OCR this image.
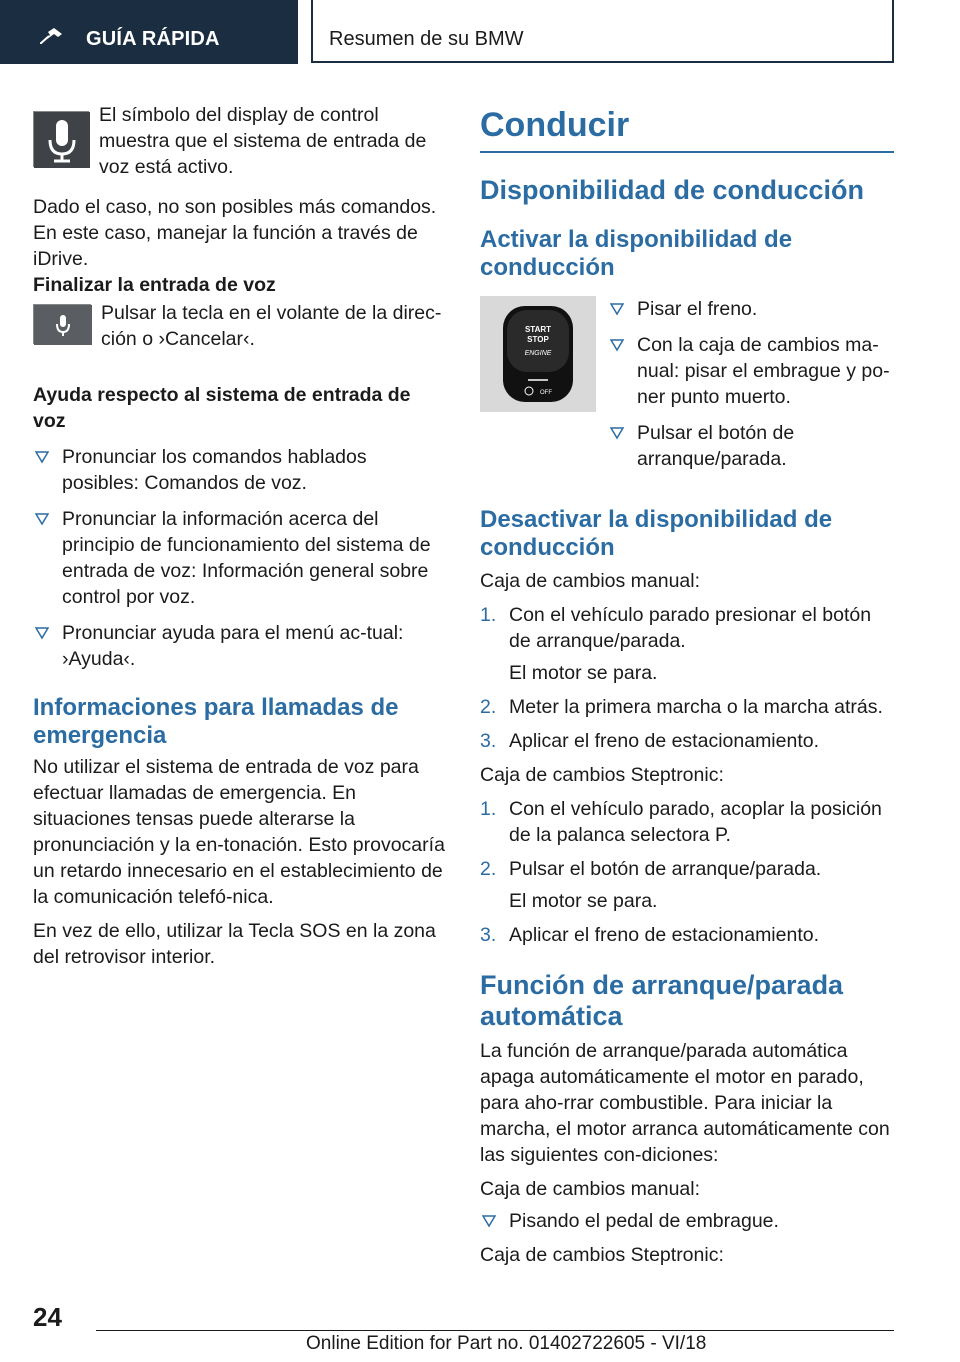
GUÍA RÁPIDA	Resumen de su BMW

El símbolo del display de control muestra que el sistema de entrada de voz está activo.

Dado el caso, no son posibles más comandos. En este caso, manejar la función a través de iDrive.

Finalizar la entrada de voz

Pulsar la tecla en el volante de la direc‐ción o ›Cancelar‹.

Ayuda respecto al sistema de entrada de voz
Pronunciar los comandos hablados posibles: Comandos de voz.
Pronunciar la información acerca del principio de funcionamiento del sistema de entrada de voz: Información general sobre control por voz.
Pronunciar ayuda para el menú ac‐tual: ›Ayuda‹.
Informaciones para llamadas de emergencia

No utilizar el sistema de entrada de voz para efectuar llamadas de emergencia. En situaciones tensas puede alterarse la pronunciación y la en‐tonación. Esto provocaría un retardo innecesario en el establecimiento de la comunicación telefó‐nica.

En vez de ello, utilizar la Tecla SOS en la zona del retrovisor interior.

Conducir
Disponibilidad de conducción
Activar la disponibilidad de conducción
START
STOP
ENGINE
OFF
Pisar el freno.
Con la caja de cambios ma‐nual: pisar el embrague y po‐ner punto muerto.
Pulsar el botón de arranque/parada.
Desactivar la disponibilidad de conducción

Caja de cambios manual:

1. Con el vehículo parado presionar el botón de arranque/parada.
El motor se para.
2. Meter la primera marcha o la marcha atrás.
3. Aplicar el freno de estacionamiento.

Caja de cambios Steptronic:

1. Con el vehículo parado, acoplar la posición de la palanca selectora P.
2. Pulsar el botón de arranque/parada.
El motor se para.
3. Aplicar el freno de estacionamiento.
Función de arranque/parada automática

La función de arranque/parada automática apaga automáticamente el motor en parado, para aho‐rrar combustible. Para iniciar la marcha, el motor arranca automáticamente con las siguientes con‐diciones:

Caja de cambios manual:

Pisando el pedal de embrague.

Caja de cambios Steptronic:

24
Online Edition for Part no. 01402722605 - VI/18
